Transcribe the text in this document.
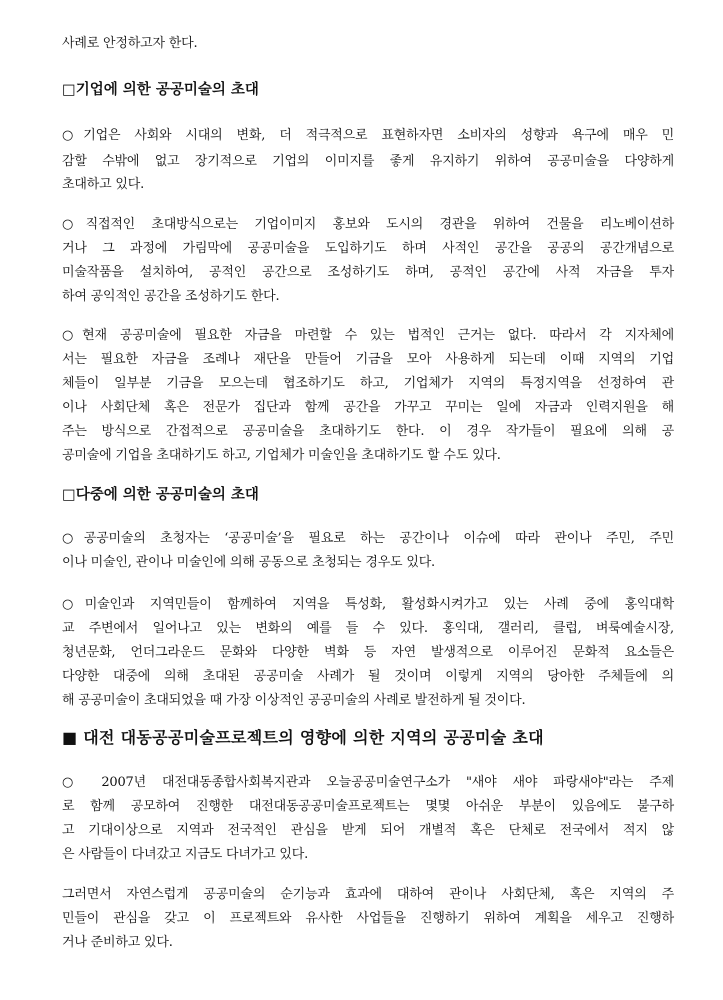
사례로 안정하고자 한다.
□기업에 의한 공공미술의 초대
○기업은 사회와 시대의 변화, 더 적극적으로 표현하자면 소비자의 성향과 욕구에 매우 민
감할 수밖에 없고 장기적으로 기업의 이미지를 좋게 유지하기 위하여 공공미술을 다양하게
초대하고 있다.
○직접적인 초대방식으로는 기업이미지 홍보와 도시의 경관을 위하여 건물을 리노베이션하
거나 그 과정에 가림막에 공공미술을 도입하기도 하며 사적인 공간을 공공의 공간개념으로
미술작품을 설치하여, 공적인 공간으로 조성하기도 하며, 공적인 공간에 사적 자금을 투자
하여 공익적인 공간을 조성하기도 한다.
○현재 공공미술에 필요한 자금을 마련할 수 있는 법적인 근거는 없다. 따라서 각 지자체에
서는 필요한 자금을 조례나 재단을 만들어 기금을 모아 사용하게 되는데 이때 지역의 기업
체들이 일부분 기금을 모으는데 협조하기도 하고, 기업체가 지역의 특정지역을 선정하여 관
이나 사회단체 혹은 전문가 집단과 함께 공간을 가꾸고 꾸미는 일에 자금과 인력지원을 해
주는 방식으로 간접적으로 공공미술을 초대하기도 한다. 이 경우 작가들이 필요에 의해 공
공미술에 기업을 초대하기도 하고, 기업체가 미술인을 초대하기도 할 수도 있다.
□다중에 의한 공공미술의 초대
○공공미술의 초청자는 ‘공공미술’을 필요로 하는 공간이나 이슈에 따라 관이나 주민, 주민
이나 미술인, 관이나 미술인에 의해 공동으로 초청되는 경우도 있다.
○미술인과 지역민들이 함께하여 지역을 특성화, 활성화시켜가고 있는 사례 중에 홍익대학
교 주변에서 일어나고 있는 변화의 예를 들 수 있다. 홍익대, 갤러리, 클럽, 벼룩예술시장,
청년문화, 언더그라운드 문화와 다양한 벽화 등 자연 발생적으로 이루어진 문화적 요소들은
다양한 대중에 의해 초대된 공공미술 사례가 될 것이며 이렇게 지역의 당아한 주체들에 의
해 공공미술이 초대되었을 때 가장 이상적인 공공미술의 사례로 발전하게 될 것이다.
■ 대전 대동공공미술프로젝트의 영향에 의한 지역의 공공미술 초대
○ 2007년 대전대동종합사회복지관과 오늘공공미술연구소가 "새야 새야 파랑새야"라는 주제
로 함께 공모하여 진행한 대전대동공공미술프로젝트는 몇몇 아쉬운 부분이 있음에도 불구하
고 기대이상으로 지역과 전국적인 관심을 받게 되어 개별적 혹은 단체로 전국에서 적지 않
은 사람들이 다녀갔고 지금도 다녀가고 있다.
그러면서 자연스럽게 공공미술의 순기능과 효과에 대하여 관이나 사회단체, 혹은 지역의 주
민들이 관심을 갖고 이 프로젝트와 유사한 사업들을 진행하기 위하여 계획을 세우고 진행하
거나 준비하고 있다.
